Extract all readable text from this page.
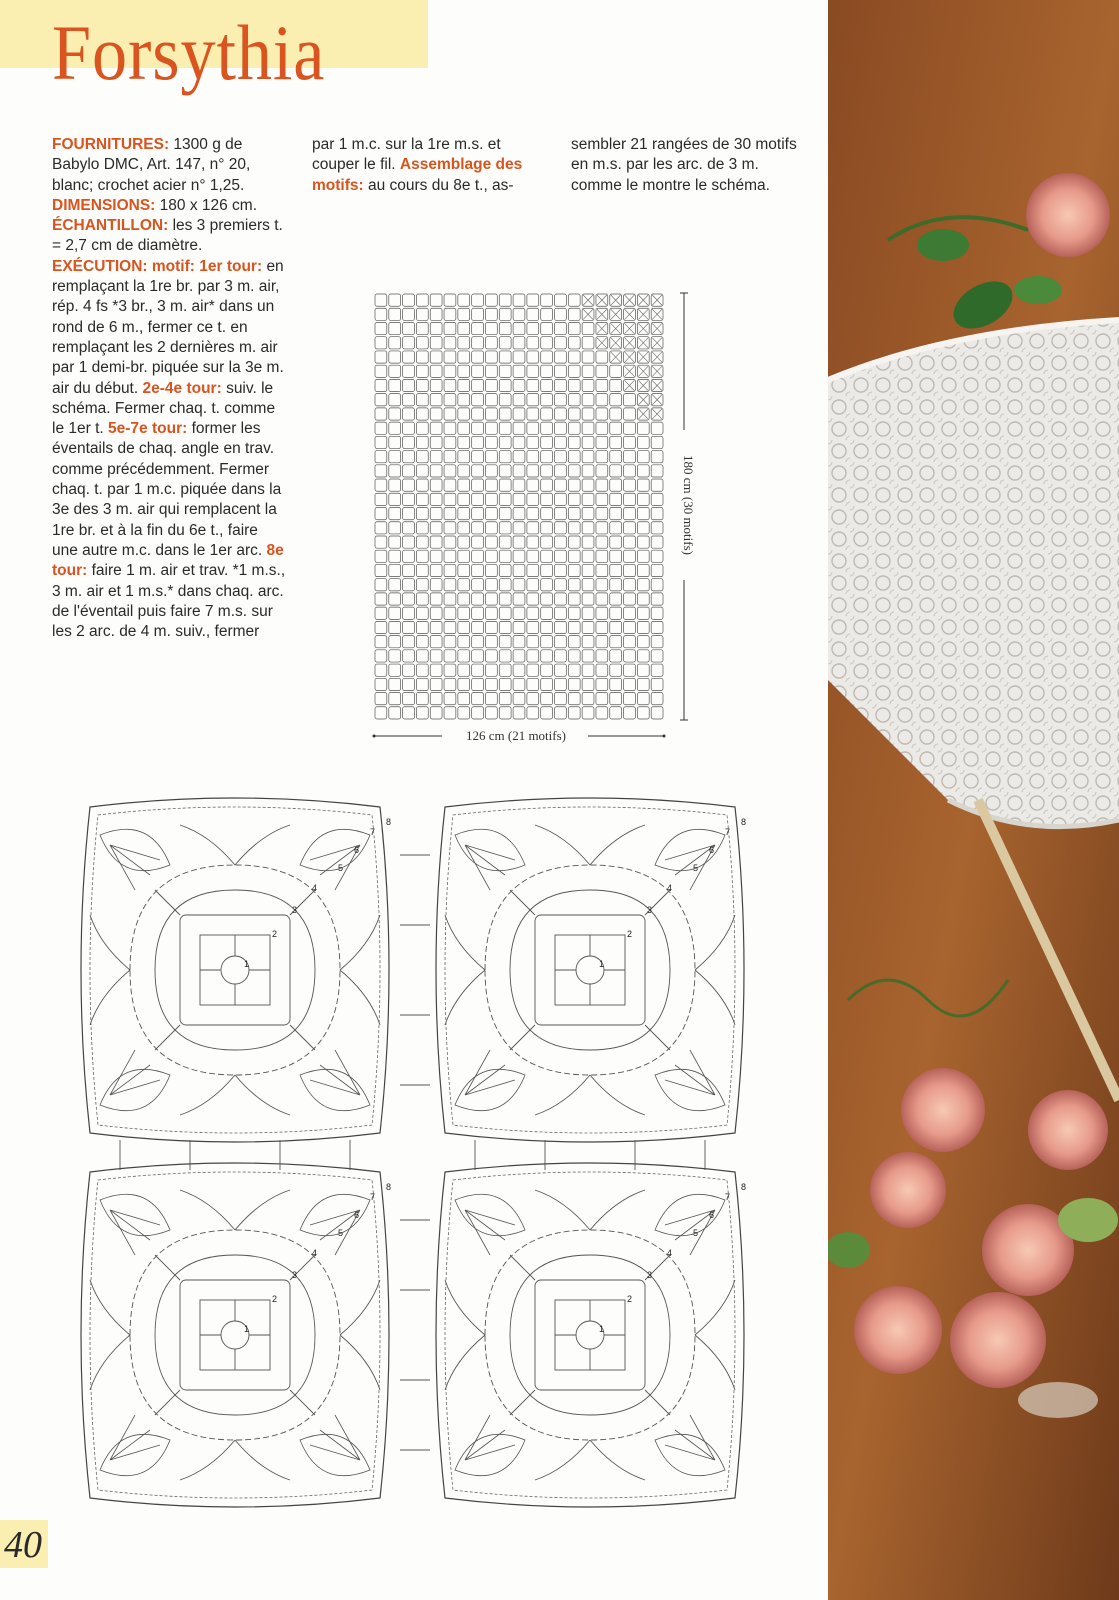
Forsythia

FOURNITURES: 1300 g de Babylo DMC, Art. 147, n° 20, blanc; crochet acier n° 1,25. DIMENSIONS: 180 x 126 cm. ÉCHANTILLON: les 3 premiers t. = 2,7 cm de diamètre. EXÉCUTION: motif: 1er tour: en remplaçant la 1re br. par 3 m. air, rép. 4 fs *3 br., 3 m. air* dans un rond de 6 m., fermer ce t. en remplaçant les 2 dernières m. air par 1 demi-br. piquée sur la 3e m. air du début. 2e-4e tour: suiv. le schéma. Fermer chaq. t. comme le 1er t. 5e-7e tour: former les éventails de chaq. angle en trav. comme précédemment. Fermer chaq. t. par 1 m.c. piquée dans la 3e des 3 m. air qui remplacent la 1re br. et à la fin du 6e t., faire une autre m.c. dans le 1er arc. 8e tour: faire 1 m. air et trav. *1 m.s., 3 m. air et 1 m.s.* dans chaq. arc. de l'éventail puis faire 7 m.s. sur les 2 arc. de 4 m. suiv., fermer

par 1 m.c. sur la 1re m.s. et couper le fil. Assemblage des motifs: au cours du 8e t., as-

sembler 21 rangées de 30 motifs en m.s. par les arc. de 3 m. comme le montre le schéma.

180 cm (30 motifs)
126 cm (21 motifs)
40
